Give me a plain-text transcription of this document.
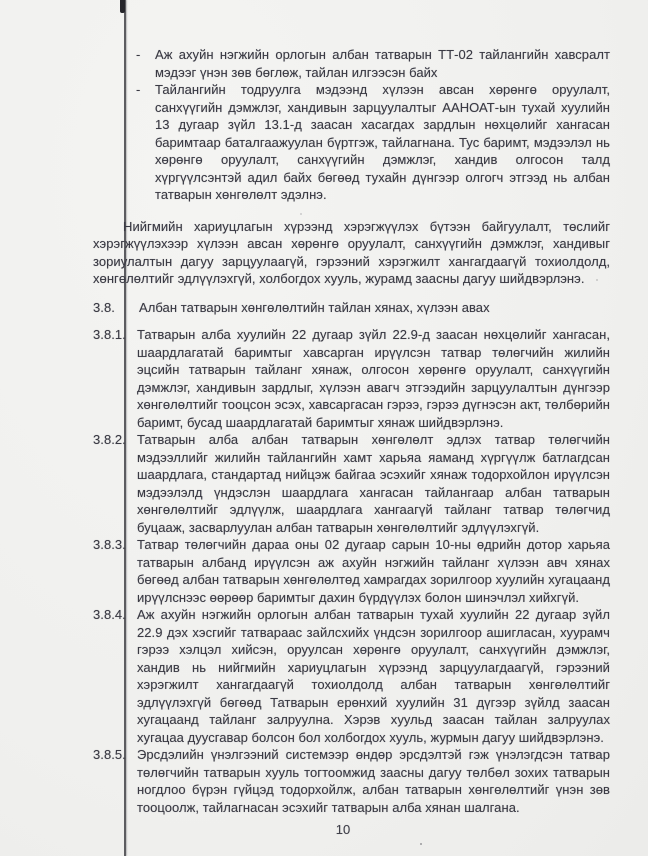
- Аж ахуйн нэгжийн орлогын албан татварын ТТ-02 тайлангийн хавсралт мэдээг үнэн зөв бөглөж, тайлан илгээсэн байх
- Тайлангийн тодруулга мэдээнд хүлээн авсан хөрөнгө оруулалт, санхүүгийн дэмжлэг, хандивын зарцуулалтыг ААНОАТ-ын тухай хуулийн 13 дугаар зүйл 13.1-д заасан хасагдах зардлын нөхцөлийг хангасан баримтаар баталгаажуулан бүртгэж, тайлагнана. Тус баримт, мэдээлэл нь хөрөнгө оруулалт, санхүүгийн дэмжлэг, хандив олгосон талд хүргүүлсэнтэй адил байх бөгөөд тухайн дүнгээр олгогч этгээд нь албан татварын хөнгөлөлт эдэлнэ.

Нийгмийн хариуцлагын хүрээнд хэрэгжүүлэх бүтээн байгуулалт, төслийг хэрэгжүүлэхээр хүлээн авсан хөрөнгө оруулалт, санхүүгийн дэмжлэг, хандивыг зориулалтын дагуу зарцуулаагүй, гэрээний хэрэгжилт хангагдаагүй тохиолдолд, хөнгөлөлтийг эдлүүлэхгүй, холбогдох хууль, журамд заасны дагуу шийдвэрлэнэ.

3.8. Албан татварын хөнгөлөлтийн тайлан хянах, хүлээн авах
3.8.1. Татварын алба хуулийн 22 дугаар зүйл 22.9-д заасан нөхцөлийг хангасан, шаардлагатай баримтыг хавсарган ирүүлсэн татвар төлөгчийн жилийн эцсийн татварын тайланг хянаж, олгосон хөрөнгө оруулалт, санхүүгийн дэмжлэг, хандивын зардлыг, хүлээн авагч этгээдийн зарцуулалтын дүнгээр хөнгөлөлтийг тооцсон эсэх, хавсаргасан гэрээ, гэрээ дүгнэсэн акт, төлбөрийн баримт, бусад шаардлагатай баримтыг хянаж шийдвэрлэнэ.
3.8.2. Татварын алба албан татварын хөнгөлөлт эдлэх татвар төлөгчийн мэдээллийг жилийн тайлангийн хамт харьяа яаманд хүргүүлж батлагдсан шаардлага, стандартад нийцэж байгаа эсэхийг хянаж тодорхойлон ирүүлсэн мэдээлэлд үндэслэн шаардлага хангасан тайлангаар албан татварын хөнгөлөлтийг эдлүүлж, шаардлага хангаагүй тайланг татвар төлөгчид буцааж, засварлуулан албан татварын хөнгөлөлтийг эдлүүлэхгүй.
3.8.3. Татвар төлөгчийн дараа оны 02 дугаар сарын 10-ны өдрийн дотор харьяа татварын албанд ирүүлсэн аж ахуйн нэгжийн тайланг хүлээн авч хянах бөгөөд албан татварын хөнгөлөлтөд хамрагдах зорилгоор хуулийн хугацаанд ирүүлснээс өөрөөр баримтыг дахин бүрдүүлэх болон шинэчлэл хийхгүй.
3.8.4. Аж ахуйн нэгжийн орлогын албан татварын тухай хуулийн 22 дугаар зүйл 22.9 дэх хэсгийг татвараас зайлсхийх үндсэн зорилгоор ашигласан, хуурамч гэрээ хэлцэл хийсэн, оруулсан хөрөнгө оруулалт, санхүүгийн дэмжлэг, хандив нь нийгмийн хариуцлагын хүрээнд зарцуулагдаагүй, гэрээний хэрэгжилт хангагдаагүй тохиолдолд албан татварын хөнгөлөлтийг эдлүүлэхгүй бөгөөд Татварын ерөнхий хуулийн 31 дүгээр зүйлд заасан хугацаанд тайланг залруулна. Хэрэв хуульд заасан тайлан залруулах хугацаа дуусгавар болсон бол холбогдох хууль, журмын дагуу шийдвэрлэнэ.
3.8.5. Эрсдэлийн үнэлгээний системээр өндөр эрсдэлтэй гэж үнэлэгдсэн татвар төлөгчийн татварын хууль тогтоомжид заасны дагуу төлбөл зохих татварын ногдлоо бүрэн гүйцэд тодорхойлж, албан татварын хөнгөлөлтийг үнэн зөв тооцоолж, тайлагнасан эсэхийг татварын алба хянан шалгана.
10
